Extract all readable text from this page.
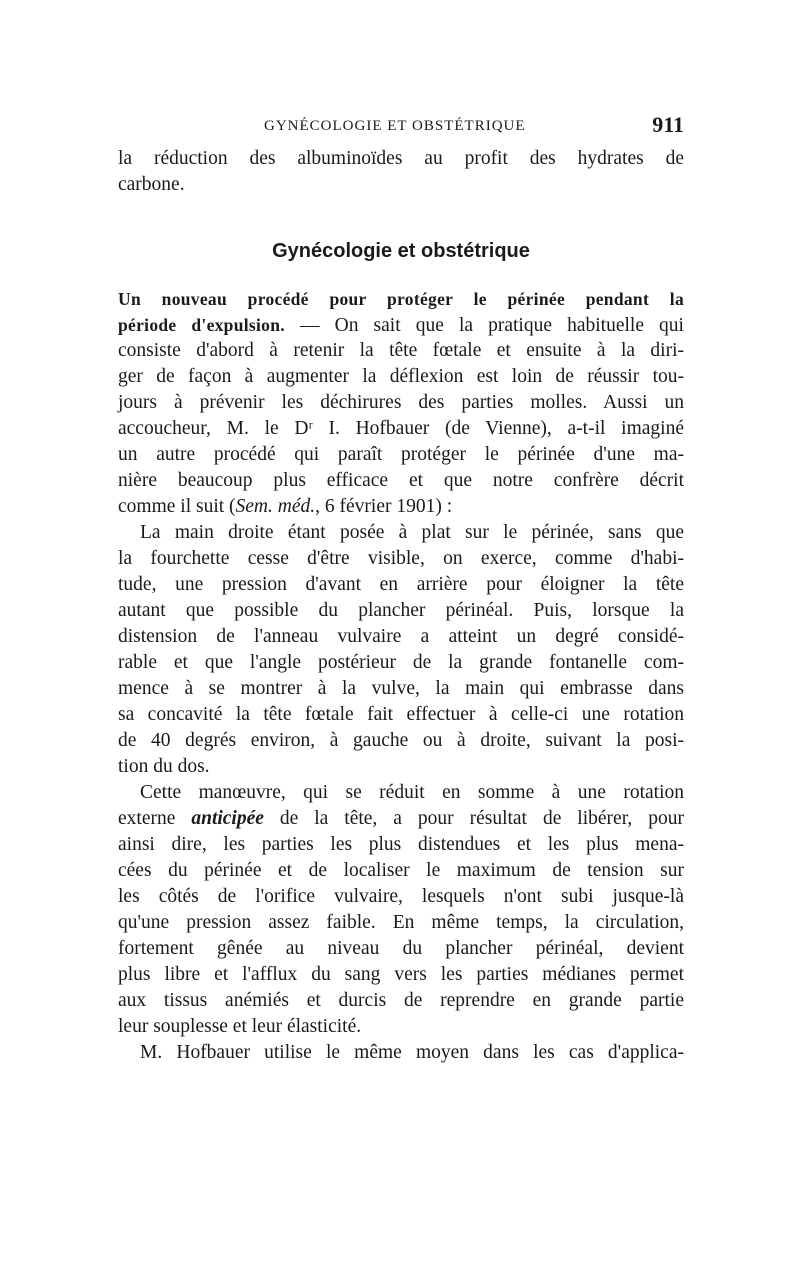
GYNÉCOLOGIE ET OBSTÉTRIQUE	911
la réduction des albuminoïdes au profit des hydrates de
carbone.
Gynécologie et obstétrique
Un nouveau procédé pour protéger le périnée pendant la
période d'expulsion. — On sait que la pratique habituelle qui
consiste d'abord à retenir la tête fœtale et ensuite à la diri-
ger de façon à augmenter la déflexion est loin de réussir tou-
jours à prévenir les déchirures des parties molles. Aussi un
accoucheur, M. le Dʳ I. Hofbauer (de Vienne), a-t-il imaginé
un autre procédé qui paraît protéger le périnée d'une ma-
nière beaucoup plus efficace et que notre confrère décrit
comme il suit (Sem. méd., 6 février 1901) :
La main droite étant posée à plat sur le périnée, sans que
la fourchette cesse d'être visible, on exerce, comme d'habi-
tude, une pression d'avant en arrière pour éloigner la tête
autant que possible du plancher périnéal. Puis, lorsque la
distension de l'anneau vulvaire a atteint un degré considé-
rable et que l'angle postérieur de la grande fontanelle com-
mence à se montrer à la vulve, la main qui embrasse dans
sa concavité la tête fœtale fait effectuer à celle-ci une rotation
de 40 degrés environ, à gauche ou à droite, suivant la posi-
tion du dos.
Cette manœuvre, qui se réduit en somme à une rotation
externe anticipée de la tête, a pour résultat de libérer, pour
ainsi dire, les parties les plus distendues et les plus mena-
cées du périnée et de localiser le maximum de tension sur
les côtés de l'orifice vulvaire, lesquels n'ont subi jusque-là
qu'une pression assez faible. En même temps, la circulation,
fortement gênée au niveau du plancher périnéal, devient
plus libre et l'afflux du sang vers les parties médianes permet
aux tissus anémiés et durcis de reprendre en grande partie
leur souplesse et leur élasticité.
M. Hofbauer utilise le même moyen dans les cas d'applica-
